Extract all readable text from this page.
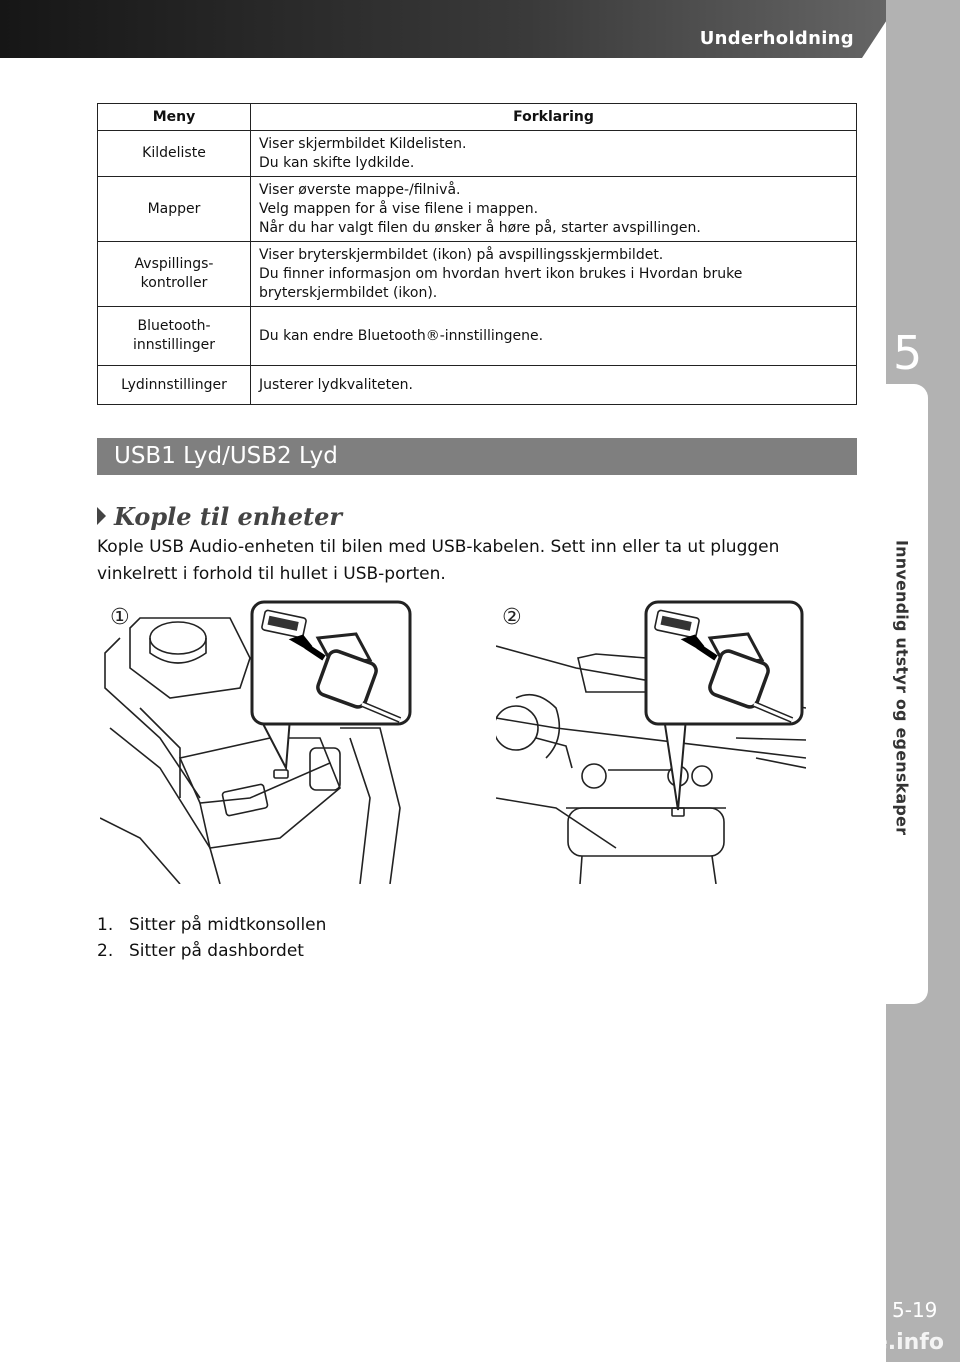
Underholdning
5
Innvendig utstyr og egenskaper
5-19
carmanualsonline.info
Meny	Forklaring

Kildeliste	Viser skjermbildet Kildelisten.
Du kan skifte lydkilde.

Mapper	Viser øverste mappe-/filnivå.
Velg mappen for å vise filene i mappen.
Når du har valgt filen du ønsker å høre på, starter avspillingen.

Avspillings-
kontroller	Viser bryterskjermbildet (ikon) på avspillingsskjermbildet.
Du finner informasjon om hvordan hvert ikon brukes i Hvordan bruke
bryterskjermbildet (ikon).

Bluetooth-
innstillinger	Du kan endre Bluetooth®-innstillingene.

Lydinnstillinger	Justerer lydkvaliteten.
USB1 Lyd/USB2 Lyd
Kople til enheter
Kople USB Audio-enheten til bilen med USB-kabelen. Sett inn eller ta ut pluggen vinkelrett i forhold til hullet i USB-porten.
①	②
1. Sitter på midtkonsollen
2. Sitter på dashbordet
